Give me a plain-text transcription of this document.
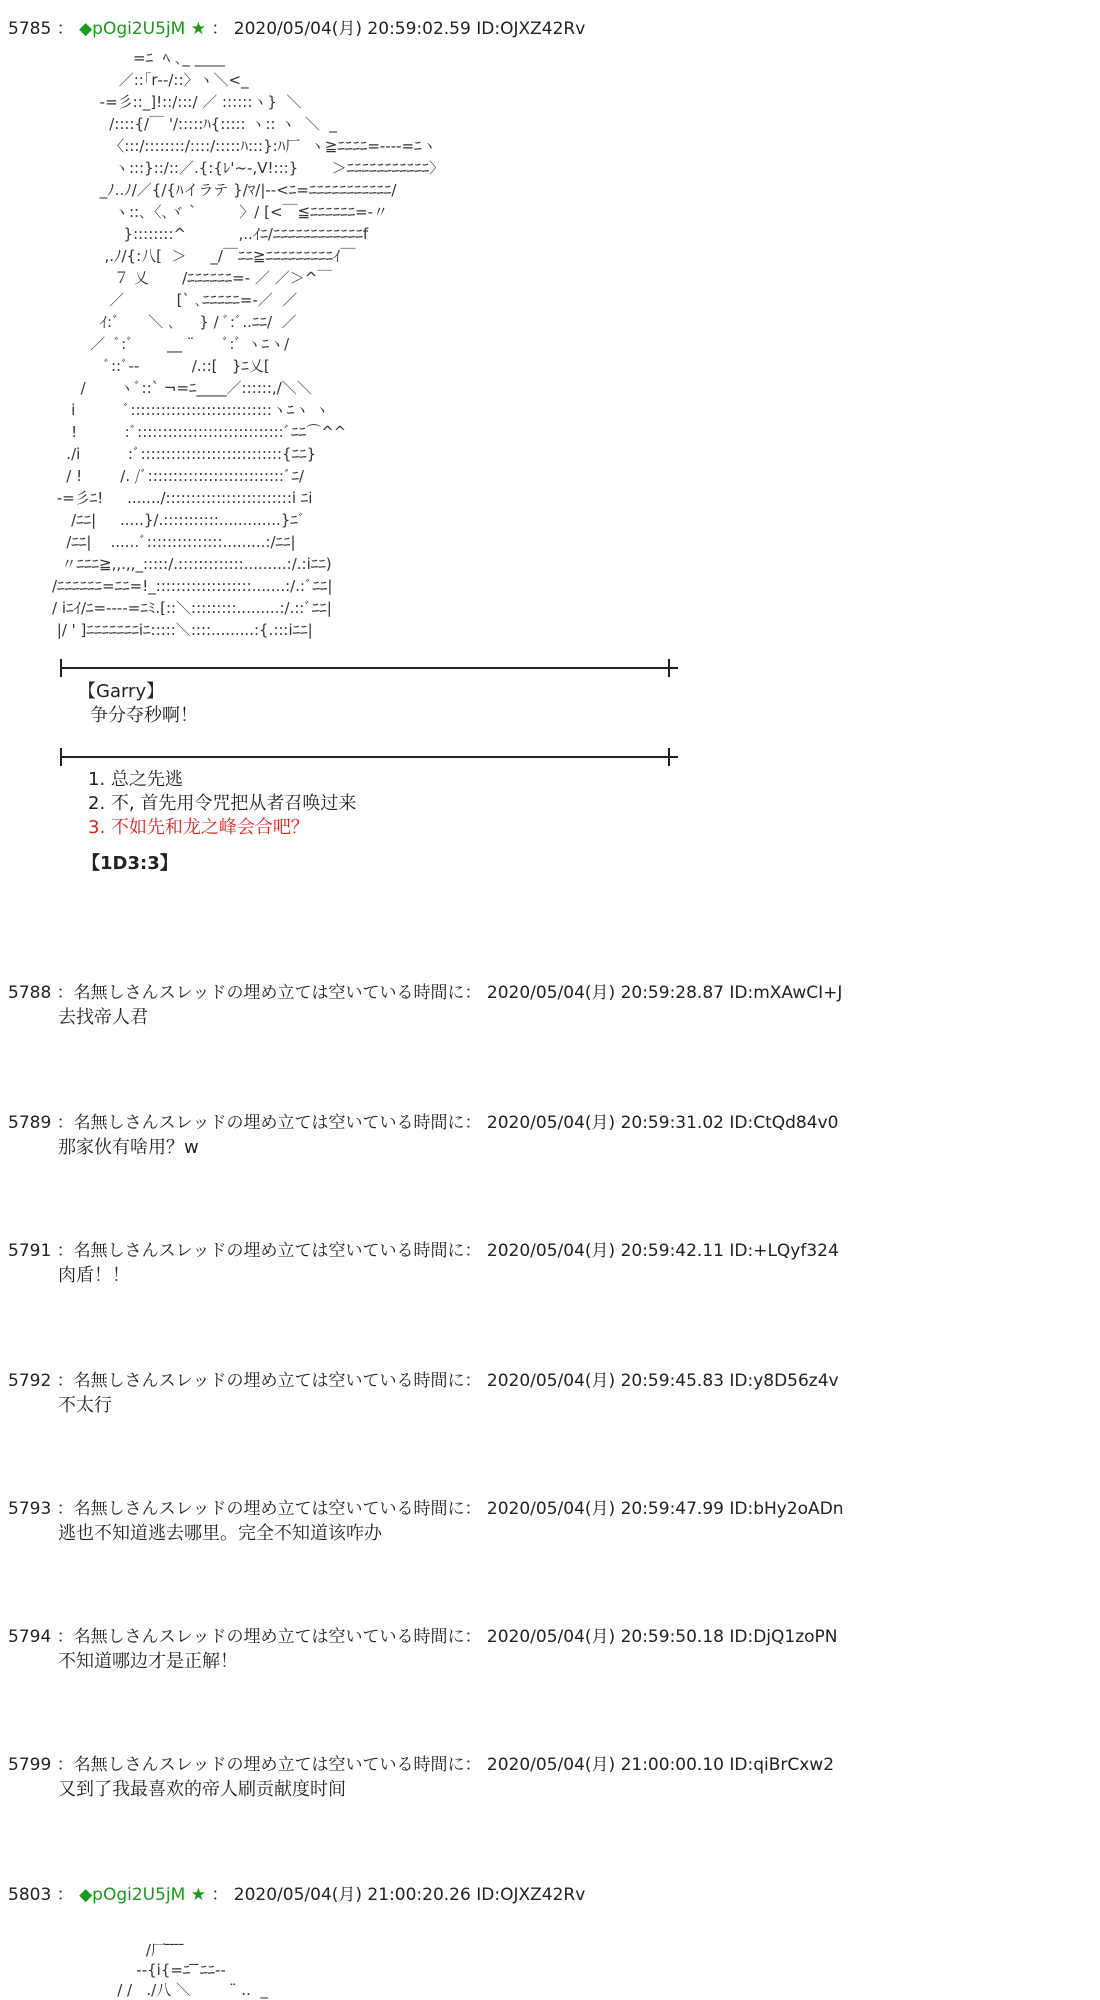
5785 ： ◆pOgi2U5jM ★ ： 2020/05/04(月) 20:59:02.59 ID:OJXZ42Rv
=ﾆ  ﾍ ､_ ____
／::｢r‐-/::〉ヽ＼<_
-=彡::_]!::/:::/ ／ ::::::ヽ}  ＼
/::::{/￣ '/:::::ﾊ{::::: ヽ:: ヽ  ＼  _
〈:::/::::::::/::::/:::::ﾊ:::}:ﾊ厂  ヽ≧ﾆﾆﾆﾆ=----=ﾆヽ
ヽ:::}::/::／.{:{ﾚ'~-,V!:::}       ＞ﾆﾆﾆﾆﾆﾆﾆﾆﾆﾆﾆ〉
_ﾉ..ﾉ/／{/{ﾊイラテ }/ﾏ/|--<ﾆ=ﾆﾆﾆﾆﾆﾆﾆﾆﾆﾆﾆ/
ヽ::､〈､ヾ `         〉/ [<￣≦ﾆﾆﾆﾆﾆﾆ=-〃
}::::::::^           ,..ｲﾆ/ﾆﾆﾆﾆﾆﾆﾆﾆﾆﾆﾆﾆf
,.ﾉ/{:八[  ＞     _/￣ﾆﾆ≧ﾆﾆﾆﾆﾆﾆﾆﾆﾆｲ￣
７ 乂       /ﾆﾆﾆﾆﾆﾆ=- ／ ／＞^￣
／           [` ､ﾆﾆﾆﾆﾆ=-／  ／
ｲ:ﾞ      ＼ ､     } / ﾞ:ﾞ..ﾆﾆ/  ／
／  ﾞ:ﾞ       __ ¨      ﾞ:ﾞ ヽﾆヽ/
ﾞ::ﾞ-‐           /.::[   }ﾆ乂[
/       ヽﾞ::` ¬=ﾆ____／::::::,/＼＼
i          ﾞ::::::::::::::::::::::::::::ヽﾆヽ ヽ
!          :ﾞ:::::::::::::::::::::::::::::ﾞﾆﾆ⌒^^
./i          :ﾞ::::::::::::::::::::::::::::{ﾆﾆ}
/ !        /. /ﾞ:::::::::::::::::::::::::::ﾞﾆ/
-=彡ﾆ!     ......./:::::::::::::::::::::::::i ﾆi
/ﾆﾆ|     .....}/.:::::::::::.............}ﾆﾞ
/ﾆﾆ|    ......ﾞ:::::::::::::::.........:/ﾆﾆ|
〃ﾆﾆﾆ≧,,.,,_:::::/.:::::::::::::.........:/.:iﾆﾆ)
/ﾆﾆﾆﾆﾆﾆ=ﾆﾆ=!_:::::::::::::::::::.......:/.:ﾞﾆﾆ|
/ iﾆｲ/ﾆ=----=ﾆﾐ.[::＼:::::::::.........:/.::ﾞﾆﾆ|
|/ ' ]ﾆﾆﾆﾆﾆﾆﾆiﾆ:::::＼::::.........:{.:::iﾆﾆ|
【Garry】
争分夺秒啊！
1. 总之先逃
2. 不, 首先用令咒把从者召唤过来
3. 不如先和龙之峰会合吧？
【1D3:3】
5788 ：名無しさんスレッドの埋め立ては空いている時間に： 2020/05/04(月) 20:59:28.87 ID:mXAwCI+J
去找帝人君
5789 ：名無しさんスレッドの埋め立ては空いている時間に： 2020/05/04(月) 20:59:31.02 ID:CtQd84v0
那家伙有啥用？w
5791 ：名無しさんスレッドの埋め立ては空いている時間に： 2020/05/04(月) 20:59:42.11 ID:+LQyf324
肉盾！！
5792 ：名無しさんスレッドの埋め立ては空いている時間に： 2020/05/04(月) 20:59:45.83 ID:y8D56z4v
不太行
5793 ：名無しさんスレッドの埋め立ては空いている時間に： 2020/05/04(月) 20:59:47.99 ID:bHy2oADn
逃也不知道逃去哪里。完全不知道该咋办
5794 ：名無しさんスレッドの埋め立ては空いている時間に： 2020/05/04(月) 20:59:50.18 ID:DjQ1zoPN
不知道哪边才是正解！
5799 ：名無しさんスレッドの埋め立ては空いている時間に： 2020/05/04(月) 21:00:00.10 ID:qiBrCxw2
又到了我最喜欢的帝人刷贡献度时间
5803 ： ◆pOgi2U5jM ★ ： 2020/05/04(月) 21:00:20.26 ID:OJXZ42Rv
/厂 ̄ ̄ ̄ ̄
--{i{=ﾆ ̄ ̄ﾆﾆ--
/ /   ./八 ＼        ¨ ..  _
